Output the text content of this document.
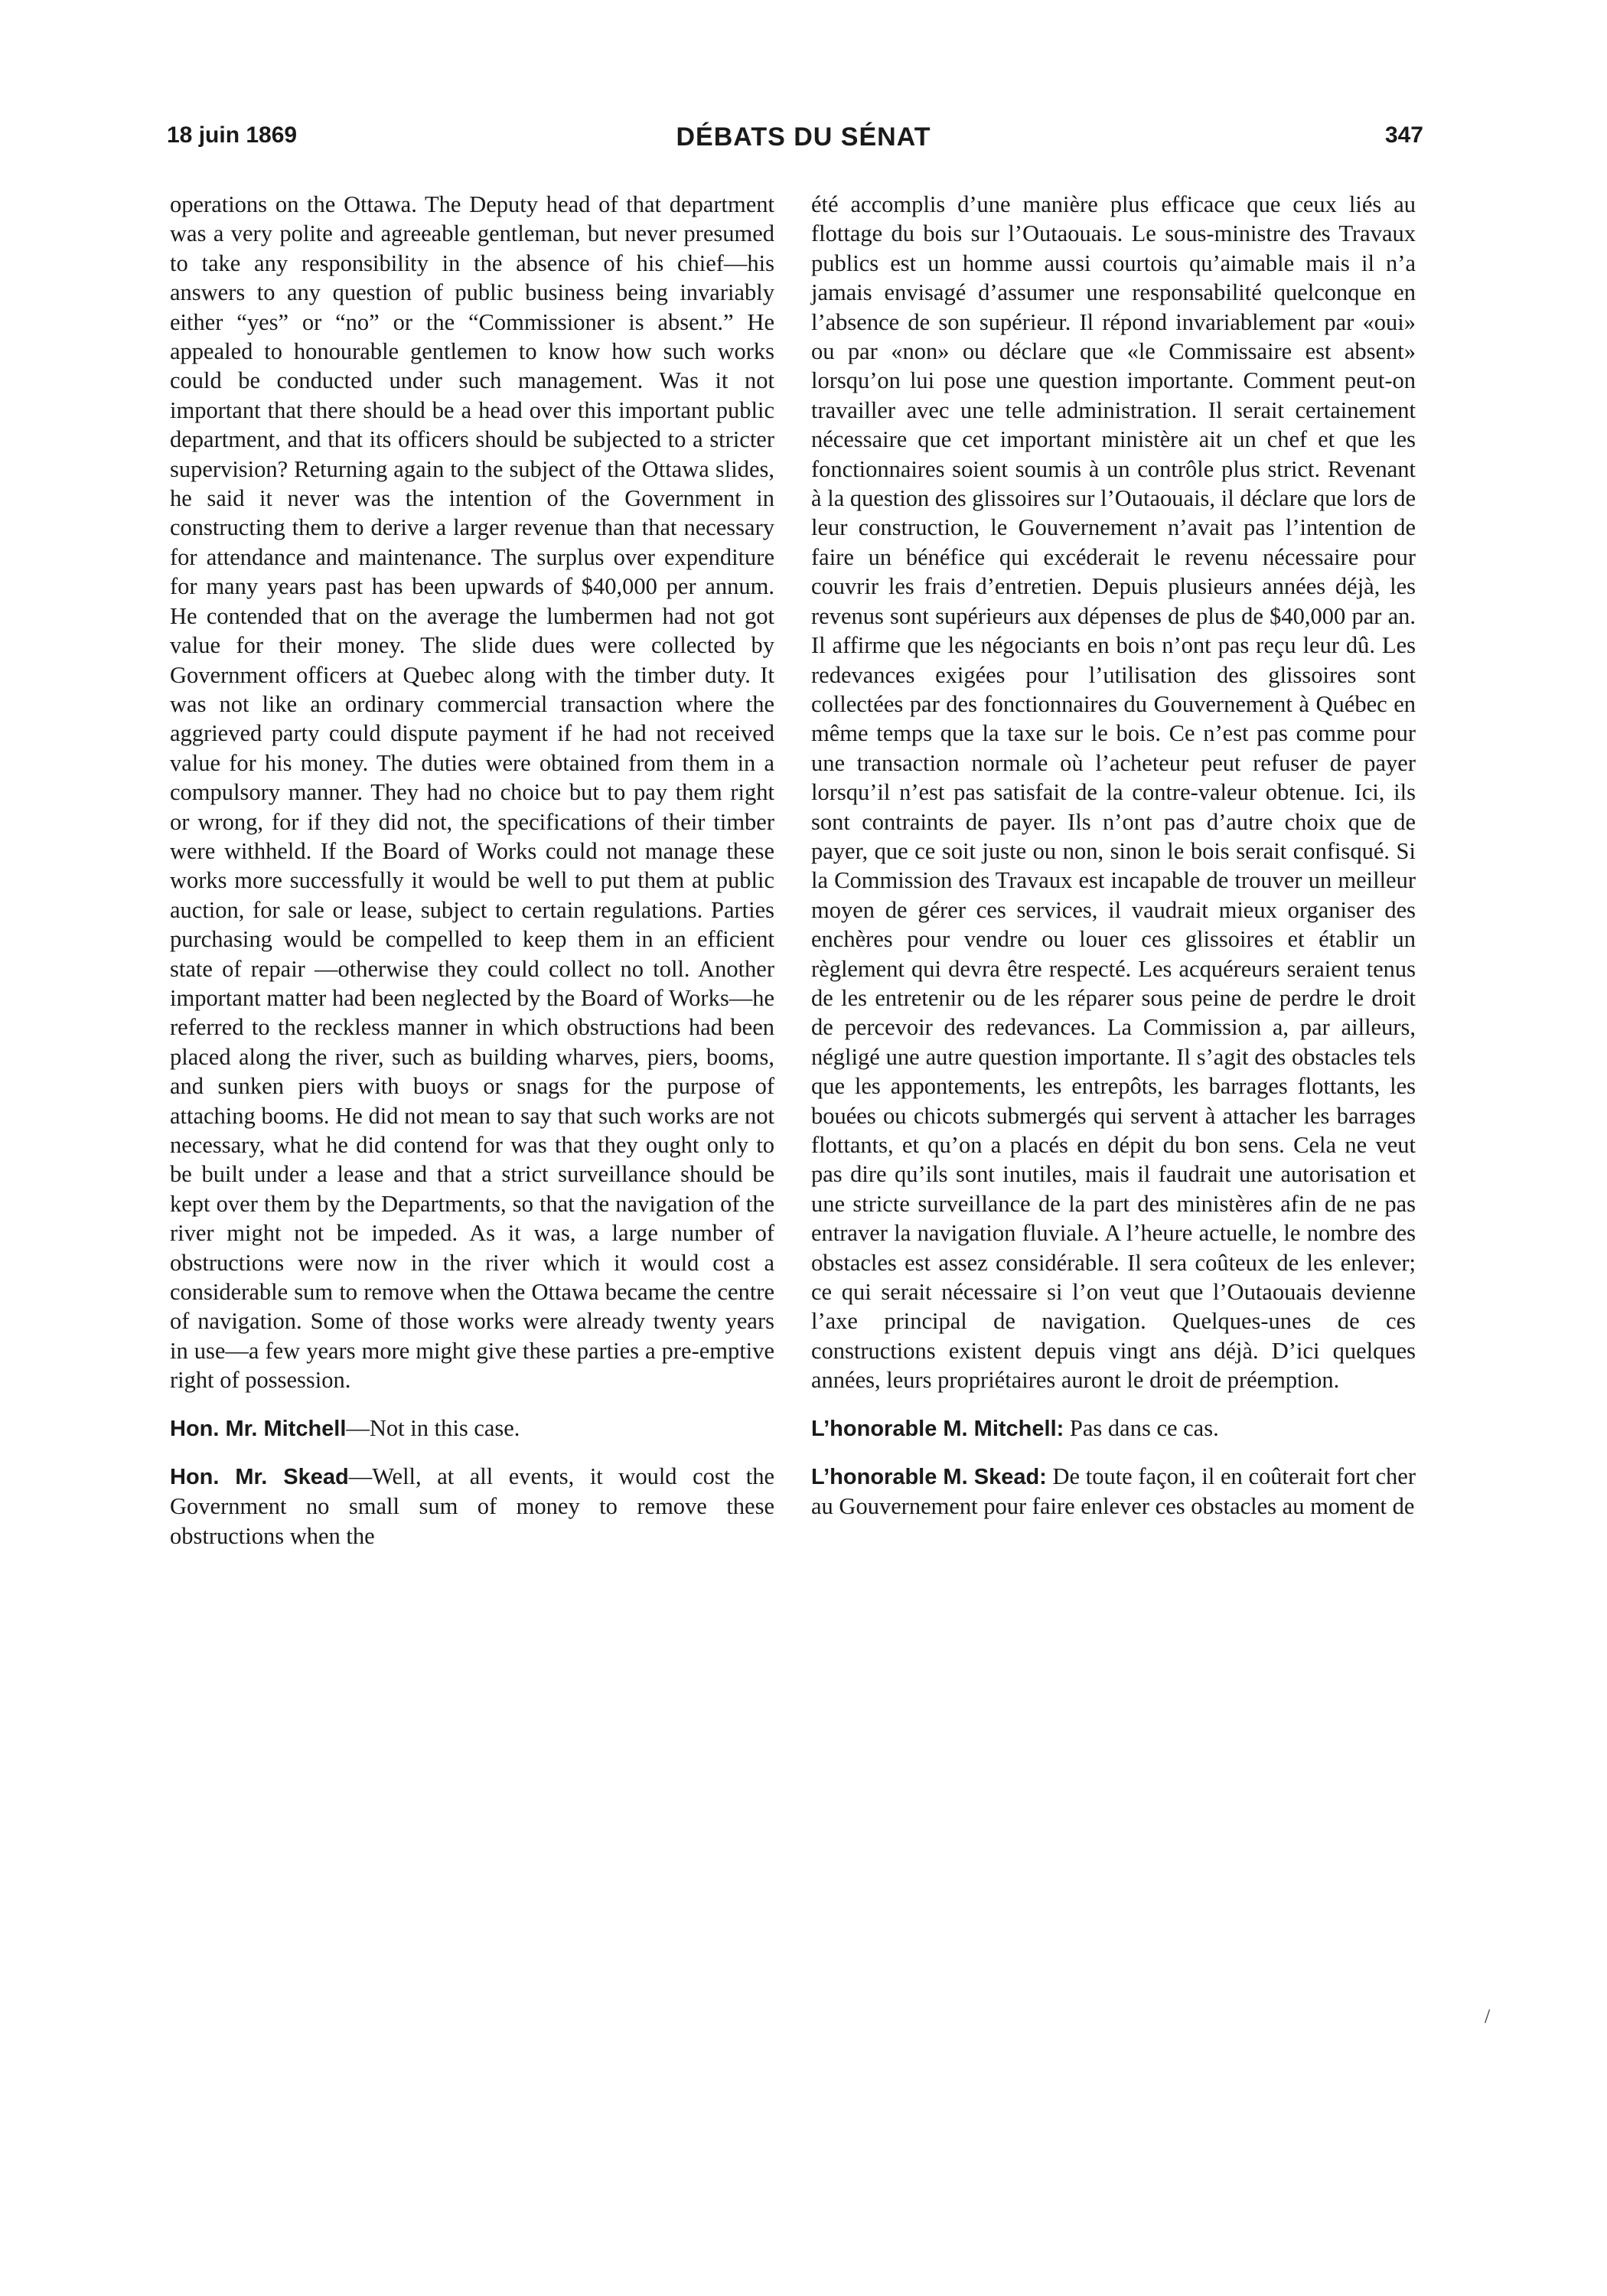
18 juin 1869	DÉBATS DU SÉNAT	347

operations on the Ottawa. The Deputy head of that department was a very polite and agreeable gentleman, but never presumed to take any responsibility in the absence of his chief—his answers to any question of public business being invariably either “yes” or “no” or the “Commissioner is absent.” He appealed to honourable gentlemen to know how such works could be conducted under such management. Was it not important that there should be a head over this important public department, and that its officers should be subjected to a stricter supervision? Returning again to the subject of the Ottawa slides, he said it never was the intention of the Government in constructing them to derive a larger revenue than that necessary for attendance and maintenance. The surplus over expenditure for many years past has been upwards of $40,000 per annum. He contended that on the average the lumbermen had not got value for their money. The slide dues were collected by Government officers at Quebec along with the timber duty. It was not like an ordinary commercial transaction where the aggrieved party could dispute payment if he had not received value for his money. The duties were obtained from them in a compulsory manner. They had no choice but to pay them right or wrong, for if they did not, the specifications of their timber were withheld. If the Board of Works could not manage these works more successfully it would be well to put them at public auction, for sale or lease, subject to certain regulations. Parties purchasing would be compelled to keep them in an efficient state of repair —otherwise they could collect no toll. Another important matter had been neglected by the Board of Works—he referred to the reckless manner in which obstructions had been placed along the river, such as building wharves, piers, booms, and sunken piers with buoys or snags for the purpose of attaching booms. He did not mean to say that such works are not necessary, what he did contend for was that they ought only to be built under a lease and that a strict surveillance should be kept over them by the Departments, so that the navigation of the river might not be impeded. As it was, a large number of obstructions were now in the river which it would cost a considerable sum to remove when the Ottawa became the centre of navigation. Some of those works were already twenty years in use—a few years more might give these parties a pre-emptive right of possession.

Hon. Mr. Mitchell—Not in this case.

Hon. Mr. Skead—Well, at all events, it would cost the Government no small sum of money to remove these obstructions when the

été accomplis d’une manière plus efficace que ceux liés au flottage du bois sur l’Outaouais. Le sous-ministre des Travaux publics est un homme aussi courtois qu’aimable mais il n’a jamais envisagé d’assumer une responsabilité quelconque en l’absence de son supérieur. Il répond invariablement par «oui» ou par «non» ou déclare que «le Commissaire est absent» lorsqu’on lui pose une question importante. Comment peut-on travailler avec une telle administration. Il serait certainement nécessaire que cet important ministère ait un chef et que les fonctionnaires soient soumis à un contrôle plus strict. Revenant à la question des glissoires sur l’Outaouais, il déclare que lors de leur construction, le Gouvernement n’avait pas l’intention de faire un bénéfice qui excéderait le revenu nécessaire pour couvrir les frais d’entretien. Depuis plusieurs années déjà, les revenus sont supérieurs aux dépenses de plus de $40,000 par an. Il affirme que les négociants en bois n’ont pas reçu leur dû. Les redevances exigées pour l’utilisation des glissoires sont collectées par des fonctionnaires du Gouvernement à Québec en même temps que la taxe sur le bois. Ce n’est pas comme pour une transaction normale où l’acheteur peut refuser de payer lorsqu’il n’est pas satisfait de la contre-valeur obtenue. Ici, ils sont contraints de payer. Ils n’ont pas d’autre choix que de payer, que ce soit juste ou non, sinon le bois serait confisqué. Si la Commission des Travaux est incapable de trouver un meilleur moyen de gérer ces services, il vaudrait mieux organiser des enchères pour vendre ou louer ces glissoires et établir un règlement qui devra être respecté. Les acquéreurs seraient tenus de les entretenir ou de les réparer sous peine de perdre le droit de percevoir des redevances. La Commission a, par ailleurs, négligé une autre question importante. Il s’agit des obstacles tels que les appontements, les entrepôts, les barrages flottants, les bouées ou chicots submergés qui servent à attacher les barrages flottants, et qu’on a placés en dépit du bon sens. Cela ne veut pas dire qu’ils sont inutiles, mais il faudrait une autorisation et une stricte surveillance de la part des ministères afin de ne pas entraver la navigation fluviale. A l’heure actuelle, le nombre des obstacles est assez considérable. Il sera coûteux de les enlever; ce qui serait nécessaire si l’on veut que l’Outaouais devienne l’axe principal de navigation. Quelques-unes de ces constructions existent depuis vingt ans déjà. D’ici quelques années, leurs propriétaires auront le droit de préemption.

L’honorable M. Mitchell: Pas dans ce cas.

L’honorable M. Skead: De toute façon, il en coûterait fort cher au Gouvernement pour faire enlever ces obstacles au moment de

/
